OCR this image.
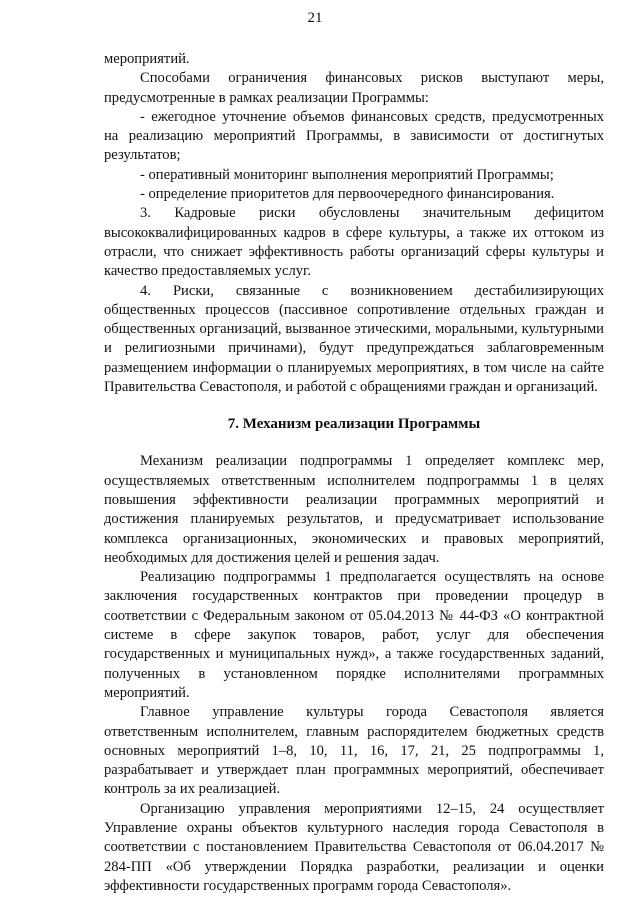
21

мероприятий.

Способами ограничения финансовых рисков выступают меры, предусмотренные в рамках реализации Программы:

- ежегодное уточнение объемов финансовых средств, предусмотренных на реализацию мероприятий Программы, в зависимости от достигнутых результатов;

- оперативный мониторинг выполнения мероприятий Программы;

- определение приоритетов для первоочередного финансирования.

3. Кадровые риски обусловлены значительным дефицитом высококвалифицированных кадров в сфере культуры, а также их оттоком из отрасли, что снижает эффективность работы организаций сферы культуры и качество предоставляемых услуг.

4. Риски, связанные с возникновением дестабилизирующих общественных процессов (пассивное сопротивление отдельных граждан и общественных организаций, вызванное этическими, моральными, культурными и религиозными причинами), будут предупреждаться заблаговременным размещением информации о планируемых мероприятиях, в том числе на сайте Правительства Севастополя, и работой с обращениями граждан и организаций.

7. Механизм реализации Программы

Механизм реализации подпрограммы 1 определяет комплекс мер, осуществляемых ответственным исполнителем подпрограммы 1 в целях повышения эффективности реализации программных мероприятий и достижения планируемых результатов, и предусматривает использование комплекса организационных, экономических и правовых мероприятий, необходимых для достижения целей и решения задач.

Реализацию подпрограммы 1 предполагается осуществлять на основе заключения государственных контрактов при проведении процедур в соответствии с Федеральным законом от 05.04.2013 № 44-ФЗ «О контрактной системе в сфере закупок товаров, работ, услуг для обеспечения государственных и муниципальных нужд», а также государственных заданий, полученных в установленном порядке исполнителями программных мероприятий.

Главное управление культуры города Севастополя является ответственным исполнителем, главным распорядителем бюджетных средств основных мероприятий 1–8, 10, 11, 16, 17, 21, 25 подпрограммы 1, разрабатывает и утверждает план программных мероприятий, обеспечивает контроль за их реализацией.

Организацию управления мероприятиями 12–15, 24 осуществляет Управление охраны объектов культурного наследия города Севастополя в соответствии с постановлением Правительства Севастополя от 06.04.2017 № 284-ПП «Об утверждении Порядка разработки, реализации и оценки эффективности государственных программ города Севастополя».
